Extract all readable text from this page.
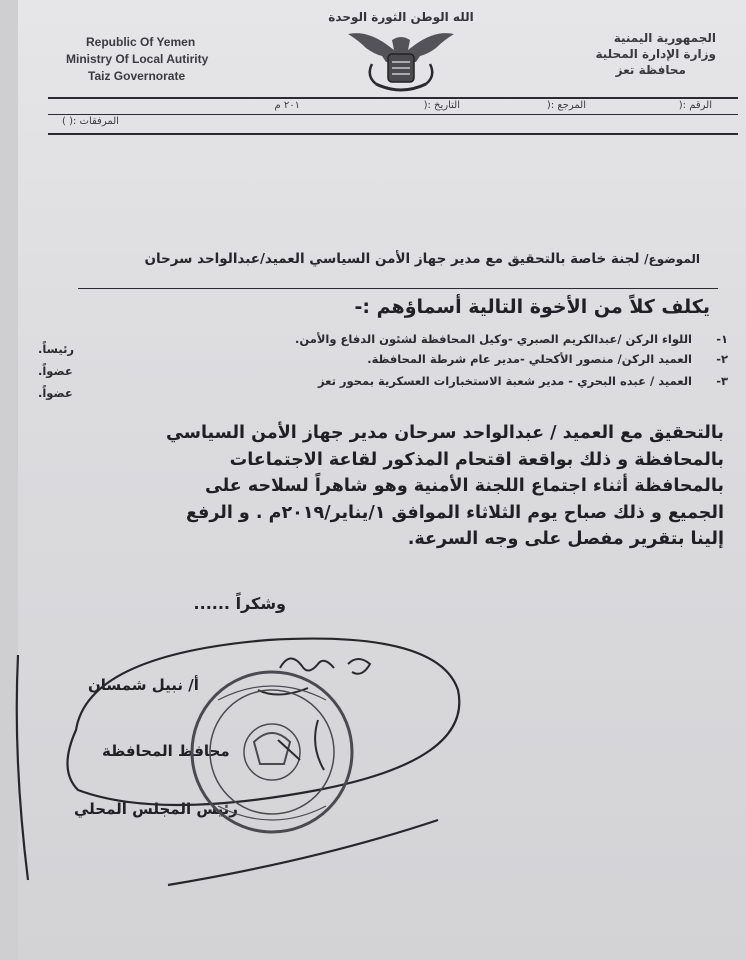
Republic Of Yemen
Ministry Of Local Autirity
Taiz Governorate
الله الوطن الثورة الوحدة
الجمهورية اليمنية
وزارة الإدارة المحلية
محافظة تعز
الرقم :(
المرجع :(
التاريخ :(
٢٠١ م
المرفقات :( )
الموضوع/ لجنة خاصة بالتحقيق مع مدير جهاز الأمن السياسي العميد/عبدالواحد سرحان
يكلف كلاً من الأخوة التالية أسماؤهم :-
-١
اللواء الركن /عبدالكريم الصبري -وكيل المحافظة لشئون الدفاع والأمن.
رئيساً.
-٢
العميد الركن/ منصور الأكحلي -مدير عام شرطة المحافظة.
عضواً.
-٣
العميد / عبده البحري - مدير شعبة الاستخبارات العسكرية بمحور تعز
عضواً.
بالتحقيق مع العميد / عبدالواحد سرحان مدير جهاز الأمن السياسي
بالمحافظة و ذلك بواقعة اقتحام المذكور لقاعة الاجتماعات
بالمحافظة أثناء اجتماع اللجنة الأمنية وهو شاهراً لسلاحه على
الجميع و ذلك صباح يوم الثلاثاء الموافق ١/يناير/٢٠١٩م . و الرفع
إلينا بتقرير مفصل على وجه السرعة.
وشكراً ......
أ/ نبيل شمسان
محافظ المحافظة
رئيس المجلس المحلي
